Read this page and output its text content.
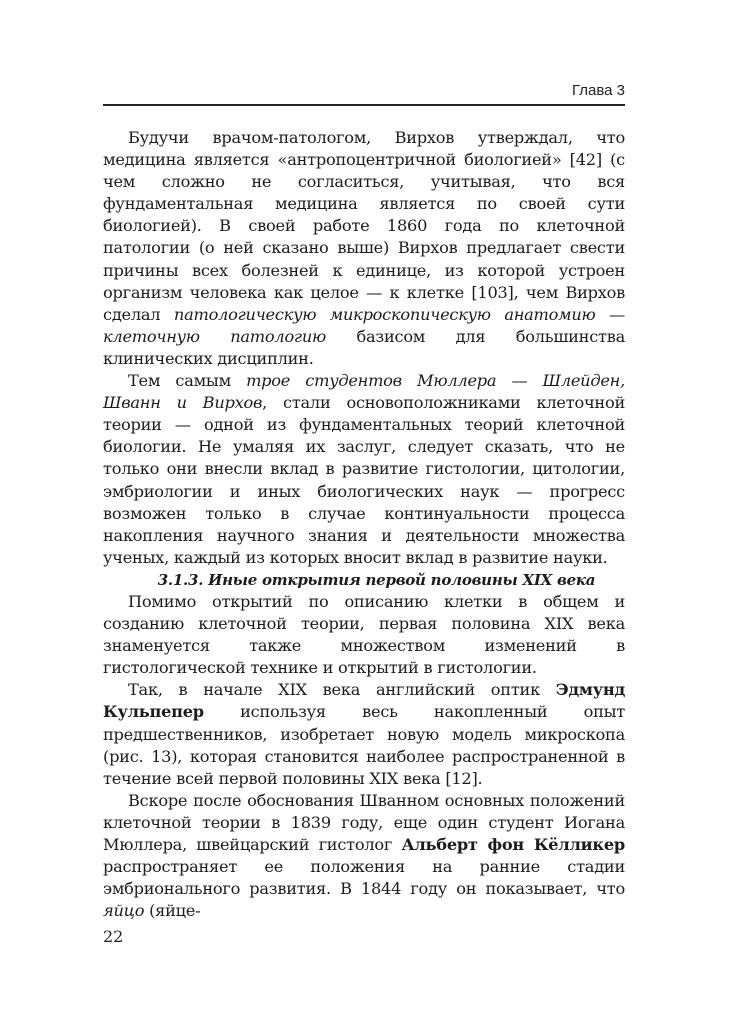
Глава 3

Будучи врачом-патологом, Вирхов утверждал, что медицина является «антропоцентричной биологией» [42] (с чем сложно не согласиться, учитывая, что вся фундаментальная медицина является по своей сути биологией). В своей работе 1860 года по клеточной патологии (о ней сказано выше) Вирхов предлагает свести причины всех болезней к единице, из которой устроен организм человека как целое — к клетке [103], чем Вирхов сделал патологическую микроскопическую анатомию — клеточную патологию базисом для большинства клинических дисциплин.

Тем самым трое студентов Мюллера — Шлейден, Шванн и Вирхов, стали основоположниками клеточной теории — одной из фундаментальных теорий клеточной биологии. Не умаляя их заслуг, следует сказать, что не только они внесли вклад в развитие гистологии, цитологии, эмбриологии и иных биологических наук — прогресс возможен только в случае континуальности процесса накопления научного знания и деятельности множества ученых, каждый из которых вносит вклад в развитие науки.

3.1.3. Иные открытия первой половины XIX века

Помимо открытий по описанию клетки в общем и созданию клеточной теории, первая половина XIX века знаменуется также множеством изменений в гистологической технике и открытий в гистологии.

Так, в начале XIX века английский оптик Эдмунд Кульпепер используя весь накопленный опыт предшественников, изобретает новую модель микроскопа (рис. 13), которая становится наиболее распространенной в течение всей первой половины XIX века [12].

Вскоре после обоснования Шванном основных положений клеточной теории в 1839 году, еще один студент Иогана Мюллера, швейцарский гистолог Альберт фон Кёлликер распространяет ее положения на ранние стадии эмбрионального развития. В 1844 году он показывает, что яйцо (яйце-

22
